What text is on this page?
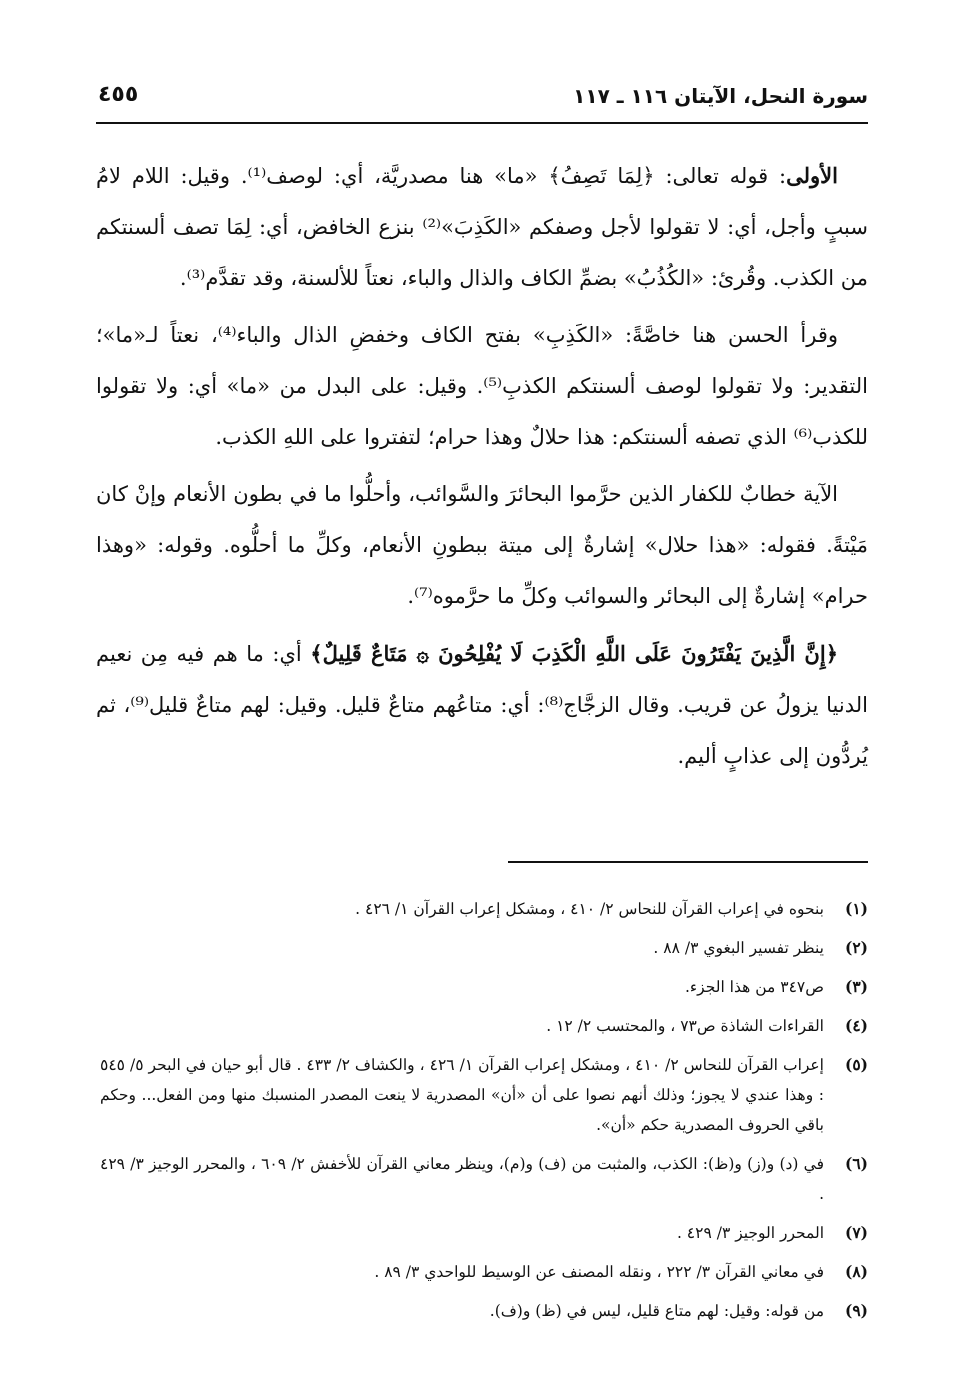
سورة النحل، الآيتان ١١٦ ـ ١١٧
٤٥٥

الأولى: قوله تعالى: ﴿لِمَا تَصِفُ﴾ «ما» هنا مصدريَّة، أي: لوصف⁽¹⁾. وقيل: اللام لامُ سببٍ وأجل، أي: لا تقولوا لأجل وصفكم «الكَذِبَ»⁽²⁾ بنزع الخافض، أي: لِمَا تصف ألسنتكم من الكذب. وقُرئ: «الكُذُبُ» بضمِّ الكاف والذال والباء، نعتاً للألسنة، وقد تقدَّم⁽³⁾.

وقرأ الحسن هنا خاصَّةً: «الكَذِبِ» بفتح الكاف وخفضِ الذال والباء⁽⁴⁾، نعتاً لـ«ما»؛ التقدير: ولا تقولوا لوصف ألسنتكم الكذبِ⁽⁵⁾. وقيل: على البدل من «ما» أي: ولا تقولوا للكذب⁽⁶⁾ الذي تصفه ألسنتكم: هذا حلالٌ وهذا حرام؛ لتفتروا على اللهِ الكذب.

الآية خطابٌ للكفار الذين حرَّموا البحائرَ والسَّوائب، وأحلُّوا ما في بطون الأنعام وإنْ كان مَيْتةً. فقوله: «هذا حلال» إشارةٌ إلى ميتة ببطونِ الأنعام، وكلِّ ما أحلُّوه. وقوله: «وهذا حرام» إشارةٌ إلى البحائر والسوائب وكلِّ ما حرَّموه⁽⁷⁾.

﴿إِنَّ الَّذِينَ يَفْتَرُونَ عَلَى اللَّهِ الْكَذِبَ لَا يُفْلِحُونَ ۞ مَتَاعٌ قَلِيلٌ﴾ أي: ما هم فيه مِن نعيم الدنيا يزولُ عن قريب. وقال الزجَّاج⁽⁸⁾: أي: متاعُهم متاعٌ قليل. وقيل: لهم متاعٌ قليل⁽⁹⁾، ثم يُردُّون إلى عذابٍ أليم.

(١)
بنحوه في إعراب القرآن للنحاس ٢/ ٤١٠ ، ومشكل إعراب القرآن ١/ ٤٢٦ .
(٢)
ينظر تفسير البغوي ٣/ ٨٨ .
(٣)
ص٣٤٧ من هذا الجزء.
(٤)
القراءات الشاذة ص٧٣ ، والمحتسب ٢/ ١٢ .
(٥)
إعراب القرآن للنحاس ٢/ ٤١٠ ، ومشكل إعراب القرآن ١/ ٤٢٦ ، والكشاف ٢/ ٤٣٣ . قال أبو حيان في البحر ٥/ ٥٤٥ : وهذا عندي لا يجوز؛ وذلك أنهم نصوا على أن «أن» المصدرية لا ينعت المصدر المنسبك منها ومن الفعل... وحكم باقي الحروف المصدرية حكم «أن».
(٦)
في (د) و(ز) و(ظ): الكذب، والمثبت من (ف) و(م)، وينظر معاني القرآن للأخفش ٢/ ٦٠٩ ، والمحرر الوجيز ٣/ ٤٢٩ .
(٧)
المحرر الوجيز ٣/ ٤٢٩ .
(٨)
في معاني القرآن ٣/ ٢٢٢ ، ونقله المصنف عن الوسيط للواحدي ٣/ ٨٩ .
(٩)
من قوله: وقيل: لهم متاع قليل، ليس في (ظ) و(ف).
